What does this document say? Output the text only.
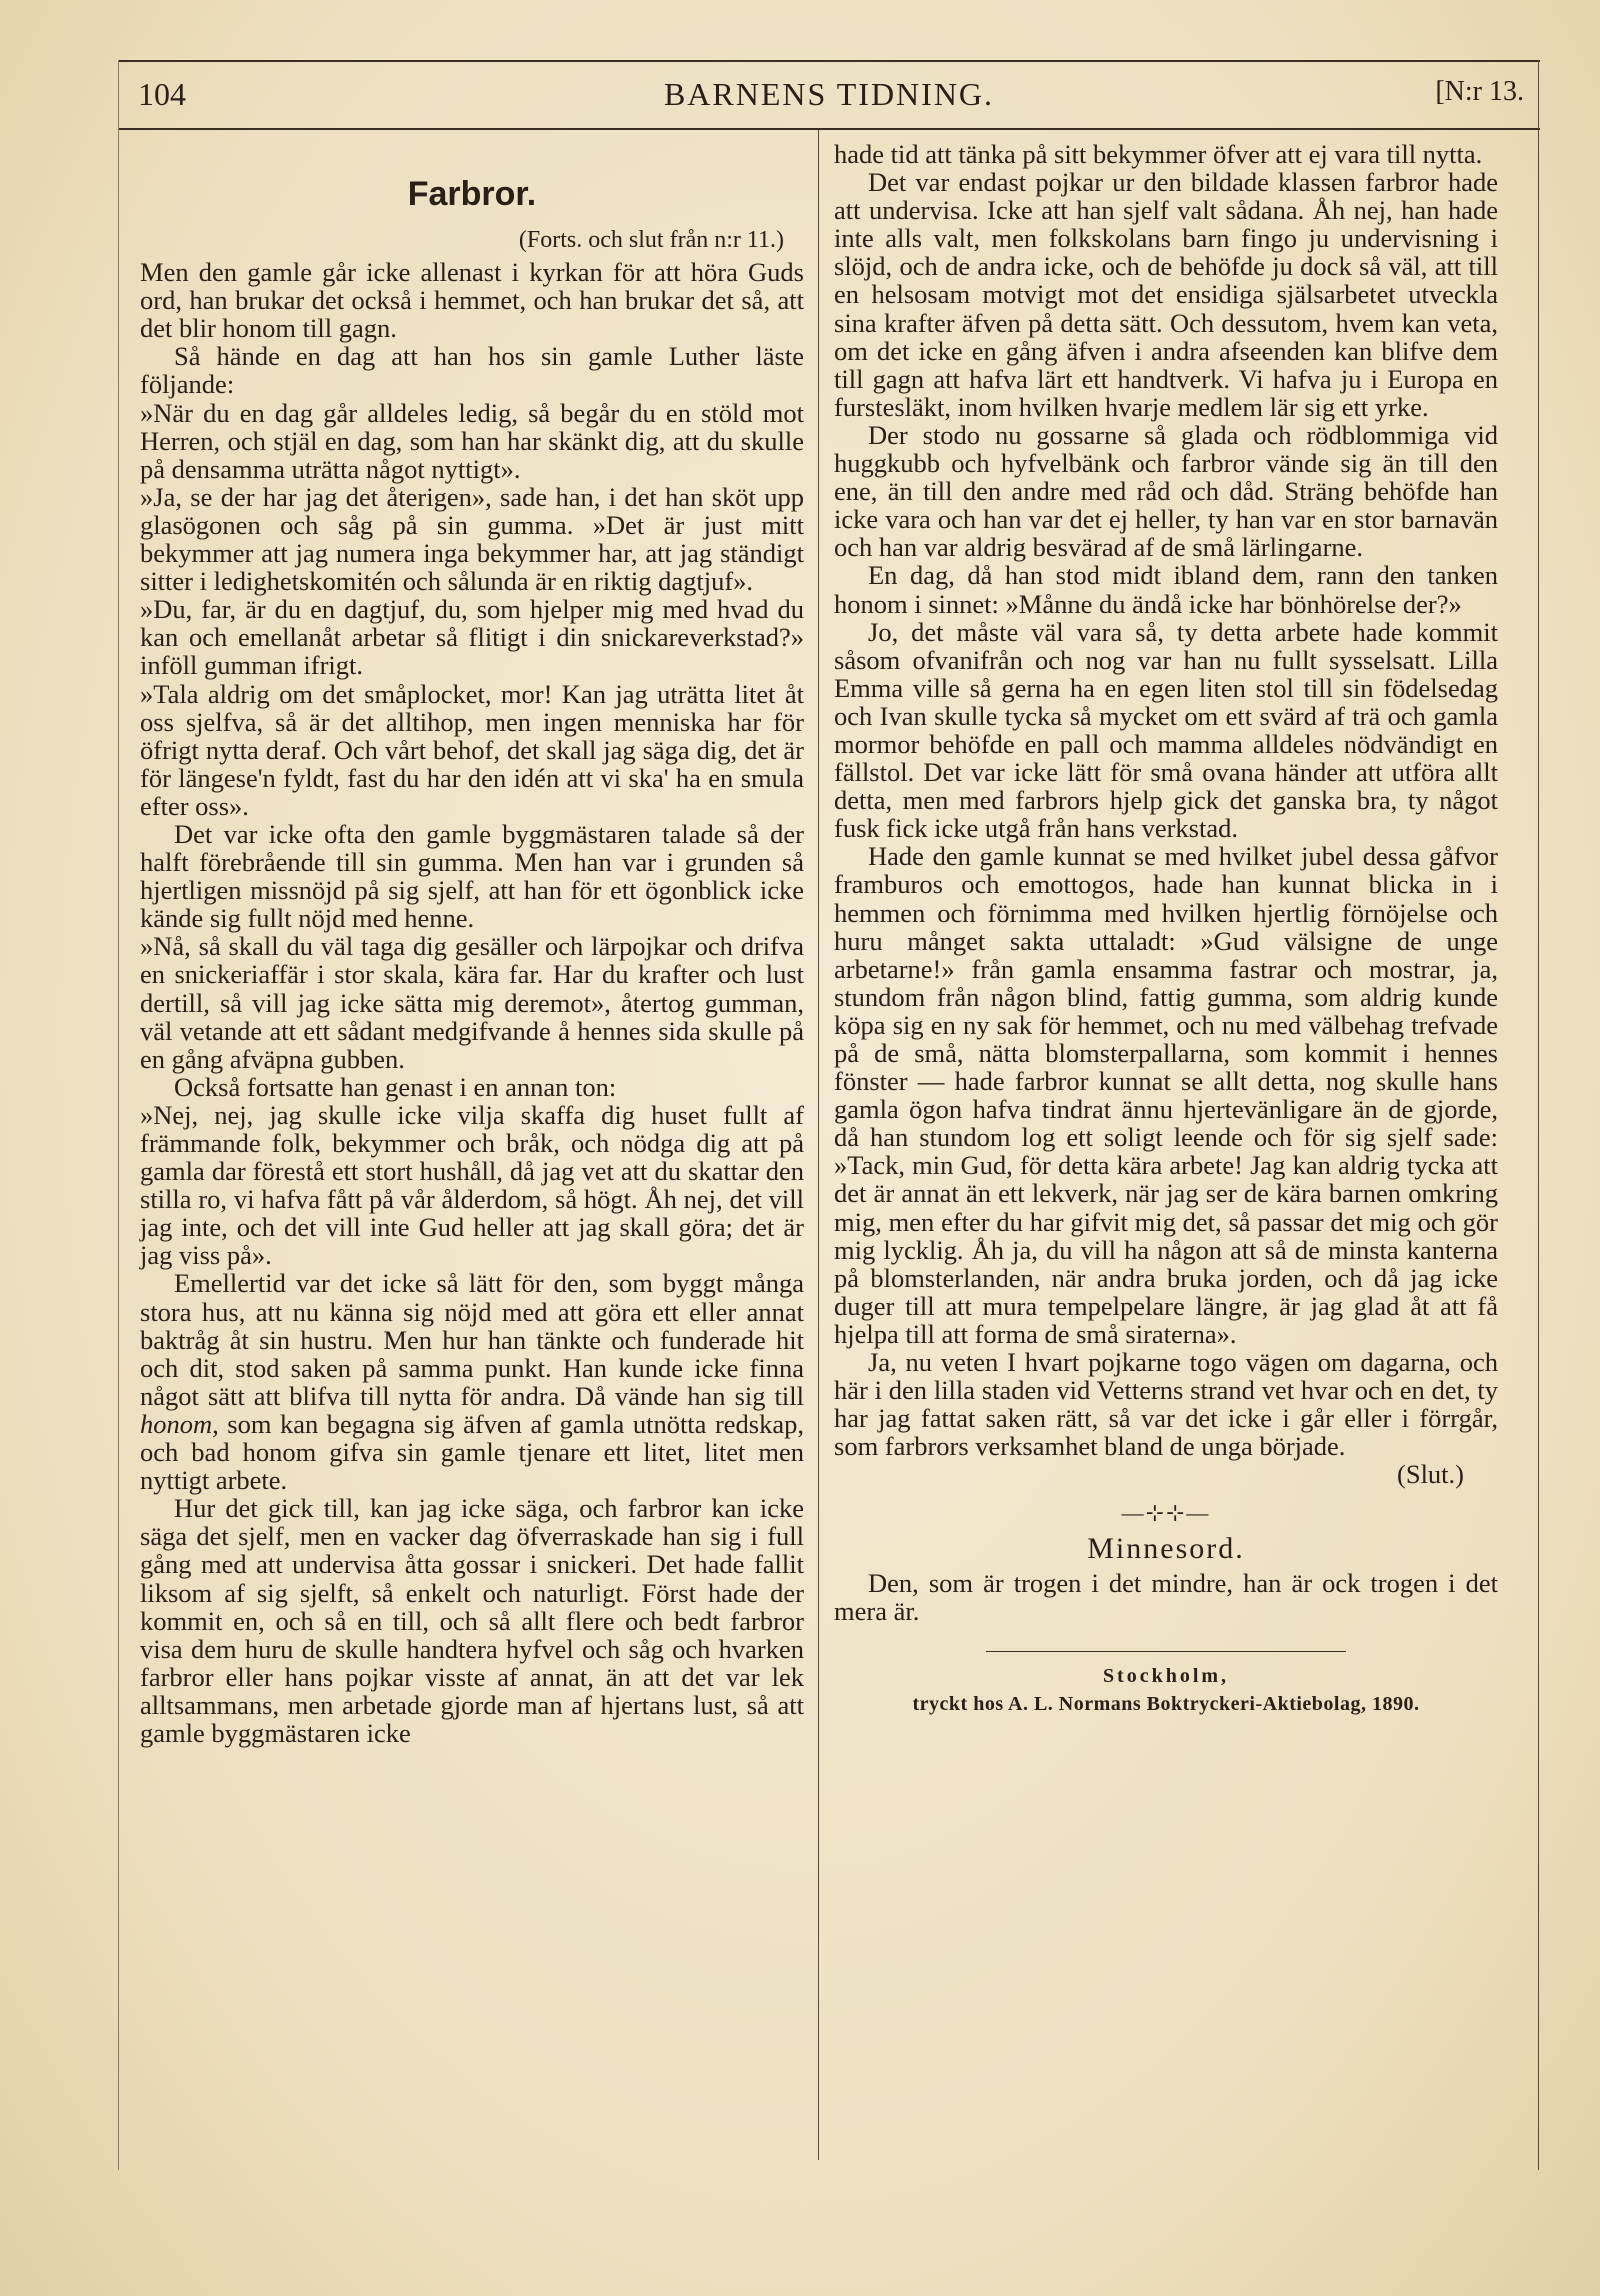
104	BARNENS TIDNING.	[N:r 13.
Farbror.
(Forts. och slut från n:r 11.)

Men den gamle går icke allenast i kyrkan för att höra Guds ord, han brukar det också i hemmet, och han brukar det så, att det blir honom till gagn.

Så hände en dag att han hos sin gamle Luther läste följande:

»När du en dag går alldeles ledig, så begår du en stöld mot Herren, och stjäl en dag, som han har skänkt dig, att du skulle på densamma uträtta något nyttigt».

»Ja, se der har jag det återigen», sade han, i det han sköt upp glasögonen och såg på sin gumma. »Det är just mitt bekymmer att jag numera inga bekymmer har, att jag ständigt sitter i ledighetskomitén och sålunda är en riktig dagtjuf».

»Du, far, är du en dagtjuf, du, som hjelper mig med hvad du kan och emellanåt arbetar så flitigt i din snickareverkstad?» inföll gumman ifrigt.

»Tala aldrig om det småplocket, mor! Kan jag uträtta litet åt oss sjelfva, så är det alltihop, men ingen menniska har för öfrigt nytta deraf. Och vårt behof, det skall jag säga dig, det är för längese'n fyldt, fast du har den idén att vi ska' ha en smula efter oss».

Det var icke ofta den gamle byggmästaren talade så der halft förebrående till sin gumma. Men han var i grunden så hjertligen missnöjd på sig sjelf, att han för ett ögonblick icke kände sig fullt nöjd med henne.

»Nå, så skall du väl taga dig gesäller och lärpojkar och drifva en snickeriaffär i stor skala, kära far. Har du krafter och lust dertill, så vill jag icke sätta mig deremot», återtog gumman, väl vetande att ett sådant medgifvande å hennes sida skulle på en gång afväpna gubben.

Också fortsatte han genast i en annan ton:

»Nej, nej, jag skulle icke vilja skaffa dig huset fullt af främmande folk, bekymmer och bråk, och nödga dig att på gamla dar förestå ett stort hushåll, då jag vet att du skattar den stilla ro, vi hafva fått på vår ålderdom, så högt. Åh nej, det vill jag inte, och det vill inte Gud heller att jag skall göra; det är jag viss på».

Emellertid var det icke så lätt för den, som byggt många stora hus, att nu känna sig nöjd med att göra ett eller annat baktråg åt sin hustru. Men hur han tänkte och funderade hit och dit, stod saken på samma punkt. Han kunde icke finna något sätt att blifva till nytta för andra. Då vände han sig till honom, som kan begagna sig äfven af gamla utnötta redskap, och bad honom gifva sin gamle tjenare ett litet, litet men nyttigt arbete.

Hur det gick till, kan jag icke säga, och farbror kan icke säga det sjelf, men en vacker dag öfverraskade han sig i full gång med att undervisa åtta gossar i snickeri. Det hade fallit liksom af sig sjelft, så enkelt och naturligt. Först hade der kommit en, och så en till, och så allt flere och bedt farbror visa dem huru de skulle handtera hyfvel och såg och hvarken farbror eller hans pojkar visste af annat, än att det var lek alltsammans, men arbetade gjorde man af hjertans lust, så att gamle byggmästaren icke

hade tid att tänka på sitt bekymmer öfver att ej vara till nytta.

Det var endast pojkar ur den bildade klassen farbror hade att undervisa. Icke att han sjelf valt sådana. Åh nej, han hade inte alls valt, men folkskolans barn fingo ju undervisning i slöjd, och de andra icke, och de behöfde ju dock så väl, att till en helsosam motvigt mot det ensidiga själsarbetet utveckla sina krafter äfven på detta sätt. Och dessutom, hvem kan veta, om det icke en gång äfven i andra afseenden kan blifve dem till gagn att hafva lärt ett handtverk. Vi hafva ju i Europa en furstesläkt, inom hvilken hvarje medlem lär sig ett yrke.

Der stodo nu gossarne så glada och rödblommiga vid huggkubb och hyfvelbänk och farbror vände sig än till den ene, än till den andre med råd och dåd. Sträng behöfde han icke vara och han var det ej heller, ty han var en stor barnavän och han var aldrig besvärad af de små lärlingarne.

En dag, då han stod midt ibland dem, rann den tanken honom i sinnet: »Månne du ändå icke har bönhörelse der?»

Jo, det måste väl vara så, ty detta arbete hade kommit såsom ofvanifrån och nog var han nu fullt sysselsatt. Lilla Emma ville så gerna ha en egen liten stol till sin födelsedag och Ivan skulle tycka så mycket om ett svärd af trä och gamla mormor behöfde en pall och mamma alldeles nödvändigt en fällstol. Det var icke lätt för små ovana händer att utföra allt detta, men med farbrors hjelp gick det ganska bra, ty något fusk fick icke utgå från hans verkstad.

Hade den gamle kunnat se med hvilket jubel dessa gåfvor framburos och emottogos, hade han kunnat blicka in i hemmen och förnimma med hvilken hjertlig förnöjelse och huru månget sakta uttaladt: »Gud välsigne de unge arbetarne!» från gamla ensamma fastrar och mostrar, ja, stundom från någon blind, fattig gumma, som aldrig kunde köpa sig en ny sak för hemmet, och nu med välbehag trefvade på de små, nätta blomsterpallarna, som kommit i hennes fönster — hade farbror kunnat se allt detta, nog skulle hans gamla ögon hafva tindrat ännu hjertevänligare än de gjorde, då han stundom log ett soligt leende och för sig sjelf sade: »Tack, min Gud, för detta kära arbete! Jag kan aldrig tycka att det är annat än ett lekverk, när jag ser de kära barnen omkring mig, men efter du har gifvit mig det, så passar det mig och gör mig lycklig. Åh ja, du vill ha någon att så de minsta kanterna på blomsterlanden, när andra bruka jorden, och då jag icke duger till att mura tempelpelare längre, är jag glad åt att få hjelpa till att forma de små siraterna».

Ja, nu veten I hvart pojkarne togo vägen om dagarna, och här i den lilla staden vid Vetterns strand vet hvar och en det, ty har jag fattat saken rätt, så var det icke i går eller i förrgår, som farbrors verksamhet bland de unga började.

(Slut.)
—⊹⊹—
Minnesord.

Den, som är trogen i det mindre, han är ock trogen i det mera är.

Stockholm,
tryckt hos A. L. Normans Boktryckeri-Aktiebolag, 1890.
